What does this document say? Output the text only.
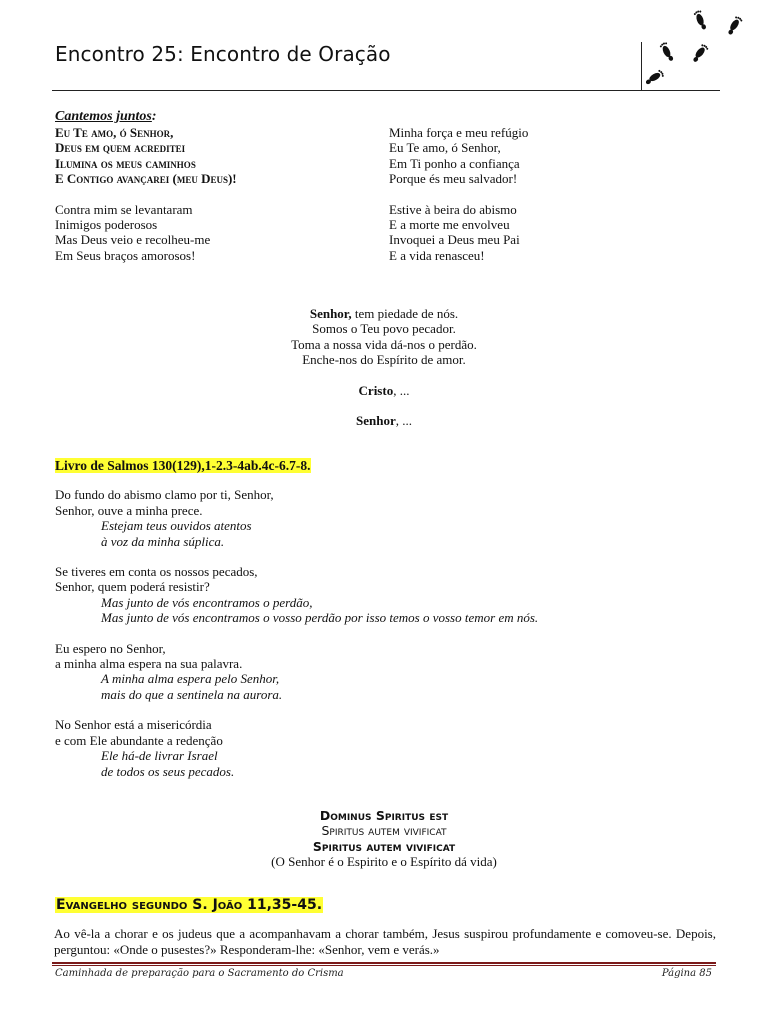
Encontro 25: Encontro de Oração
Cantemos juntos:
Eu Te amo, ó Senhor,
Deus em quem acreditei
Ilumina os meus caminhos
E Contigo avançarei (meu Deus)!
Contra mim se levantaram
Inimigos poderosos
Mas Deus veio e recolheu-me
Em Seus braços amorosos!
Minha força e meu refúgio
Eu Te amo, ó Senhor,
Em Ti ponho a confiança
Porque és meu salvador!
Estive à beira do abismo
E a morte me envolveu
Invoquei a Deus meu Pai
E a vida renasceu!
Senhor, tem piedade de nós.
Somos o Teu povo pecador.
Toma a nossa vida dá-nos o perdão.
Enche-nos do Espírito de amor.
Cristo, ...
Senhor, ...
Livro de Salmos 130(129),1-2.3-4ab.4c-6.7-8.
Do fundo do abismo clamo por ti, Senhor,
Senhor, ouve a minha prece.
Estejam teus ouvidos atentos
à voz da minha súplica.
Se tiveres em conta os nossos pecados,
Senhor, quem poderá resistir?
Mas junto de vós encontramos o perdão,
Mas junto de vós encontramos o vosso perdão por isso temos o vosso temor em nós.
Eu espero no Senhor,
a minha alma espera na sua palavra.
A minha alma espera pelo Senhor,
mais do que a sentinela na aurora.
No Senhor está a misericórdia
e com Ele abundante a redenção
Ele há-de livrar Israel
de todos os seus pecados.
Dominus Spiritus est
Spiritus autem vivificat
Spiritus autem vivificat
(O Senhor é o Espirito e o Espírito dá vida)
Evangelho segundo S. João 11,35-45.
Ao vê-la a chorar e os judeus que a acompanhavam a chorar também, Jesus suspirou profundamente e comoveu-se. Depois, perguntou: «Onde o pusestes?» Responderam-lhe: «Senhor, vem e verás.»
Caminhada de preparação para o Sacramento do Crisma	Página 85
